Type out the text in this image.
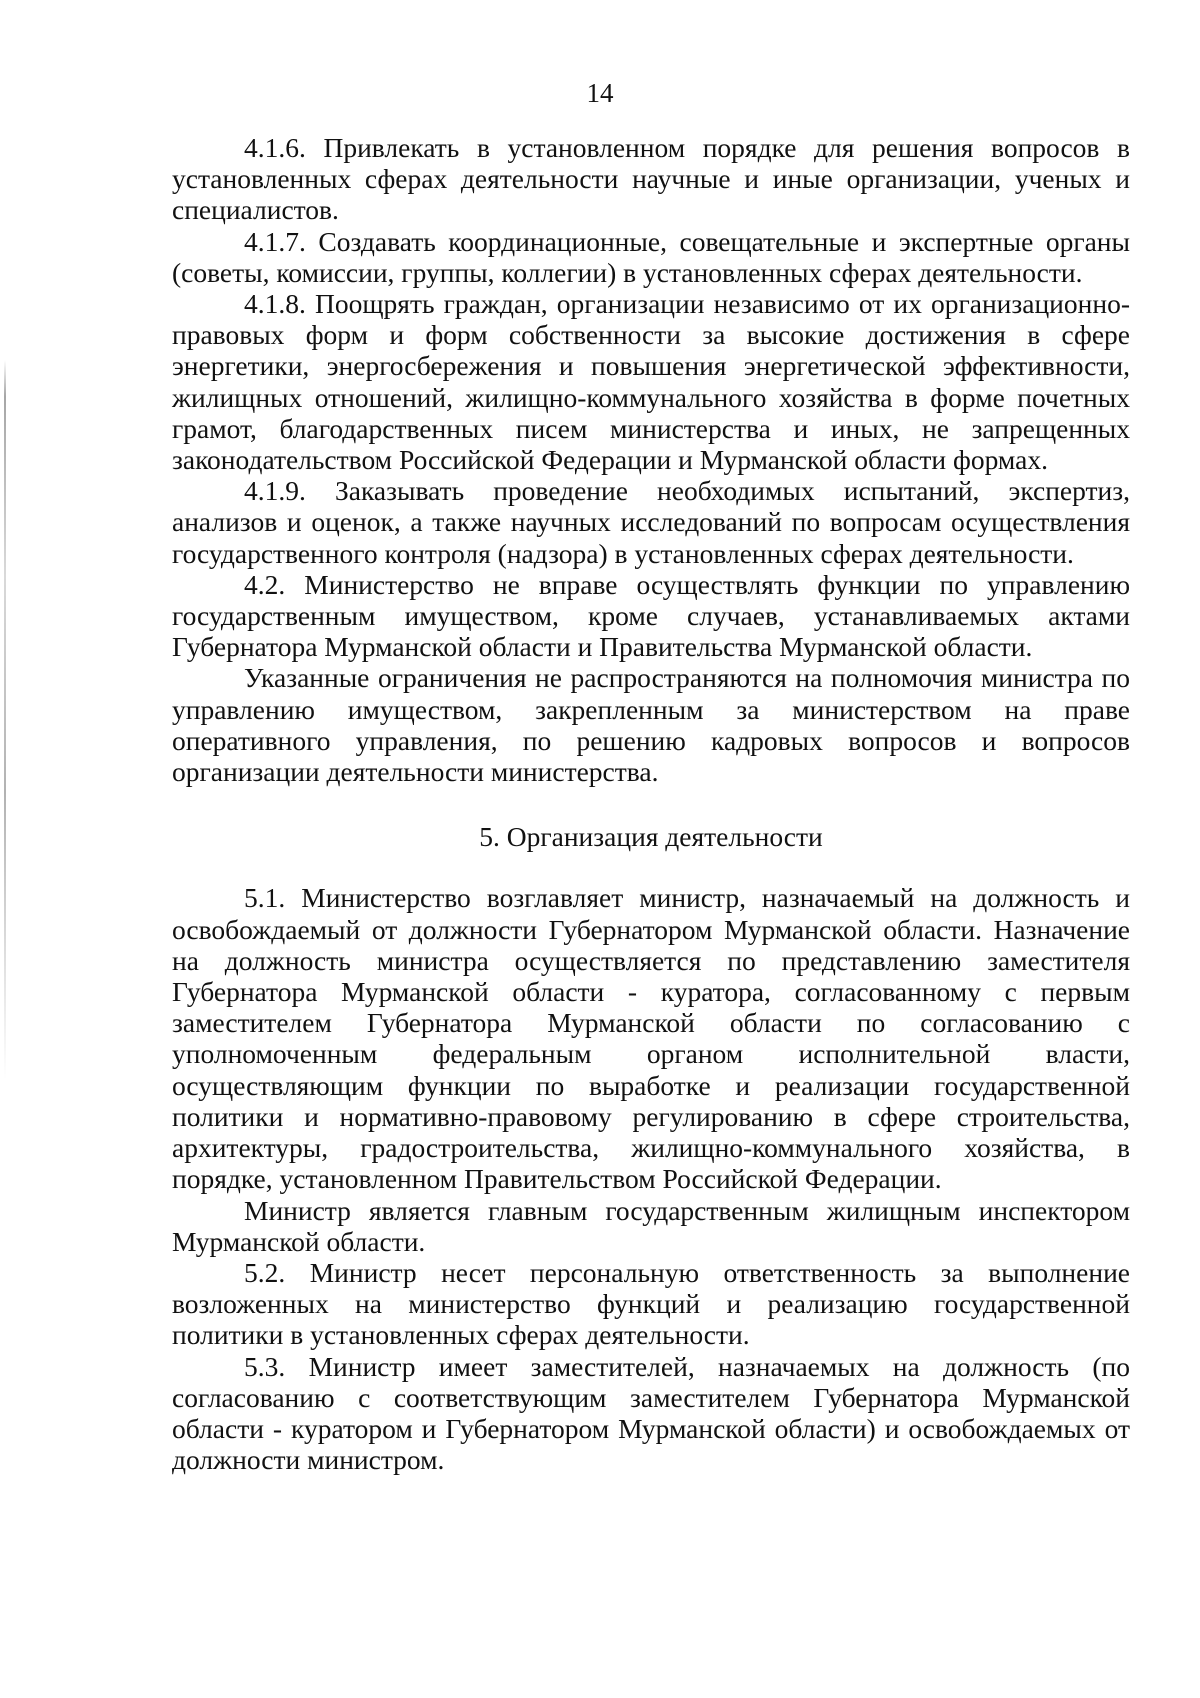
14

4.1.6. Привлекать в установленном порядке для решения вопросов в установленных сферах деятельности научные и иные организации, ученых и специалистов.

4.1.7. Создавать координационные, совещательные и экспертные органы (советы, комиссии, группы, коллегии) в установленных сферах деятельности.

4.1.8. Поощрять граждан, организации независимо от их организационно-правовых форм и форм собственности за высокие достижения в сфере энергетики, энергосбережения и повышения энергетической эффективности, жилищных отношений, жилищно-коммунального хозяйства в форме почетных грамот, благодарственных писем министерства и иных, не запрещенных законодательством Российской Федерации и Мурманской области формах.

4.1.9. Заказывать проведение необходимых испытаний, экспертиз, анализов и оценок, а также научных исследований по вопросам осуществления государственного контроля (надзора) в установленных сферах деятельности.

4.2. Министерство не вправе осуществлять функции по управлению государственным имуществом, кроме случаев, устанавливаемых актами Губернатора Мурманской области и Правительства Мурманской области.

Указанные ограничения не распространяются на полномочия министра по управлению имуществом, закрепленным за министерством на праве оперативного управления, по решению кадровых вопросов и вопросов организации деятельности министерства.

5. Организация деятельности

5.1. Министерство возглавляет министр, назначаемый на должность и освобождаемый от должности Губернатором Мурманской области. Назначение на должность министра осуществляется по представлению заместителя Губернатора Мурманской области - куратора, согласованному с первым заместителем Губернатора Мурманской области по согласованию с уполномоченным федеральным органом исполнительной власти, осуществляющим функции по выработке и реализации государственной политики и нормативно-правовому регулированию в сфере строительства, архитектуры, градостроительства, жилищно-коммунального хозяйства, в порядке, установленном Правительством Российской Федерации.

Министр является главным государственным жилищным инспектором Мурманской области.

5.2. Министр несет персональную ответственность за выполнение возложенных на министерство функций и реализацию государственной политики в установленных сферах деятельности.

5.3. Министр имеет заместителей, назначаемых на должность (по согласованию с соответствующим заместителем Губернатора Мурманской области - куратором и Губернатором Мурманской области) и освобождаемых от должности министром.
